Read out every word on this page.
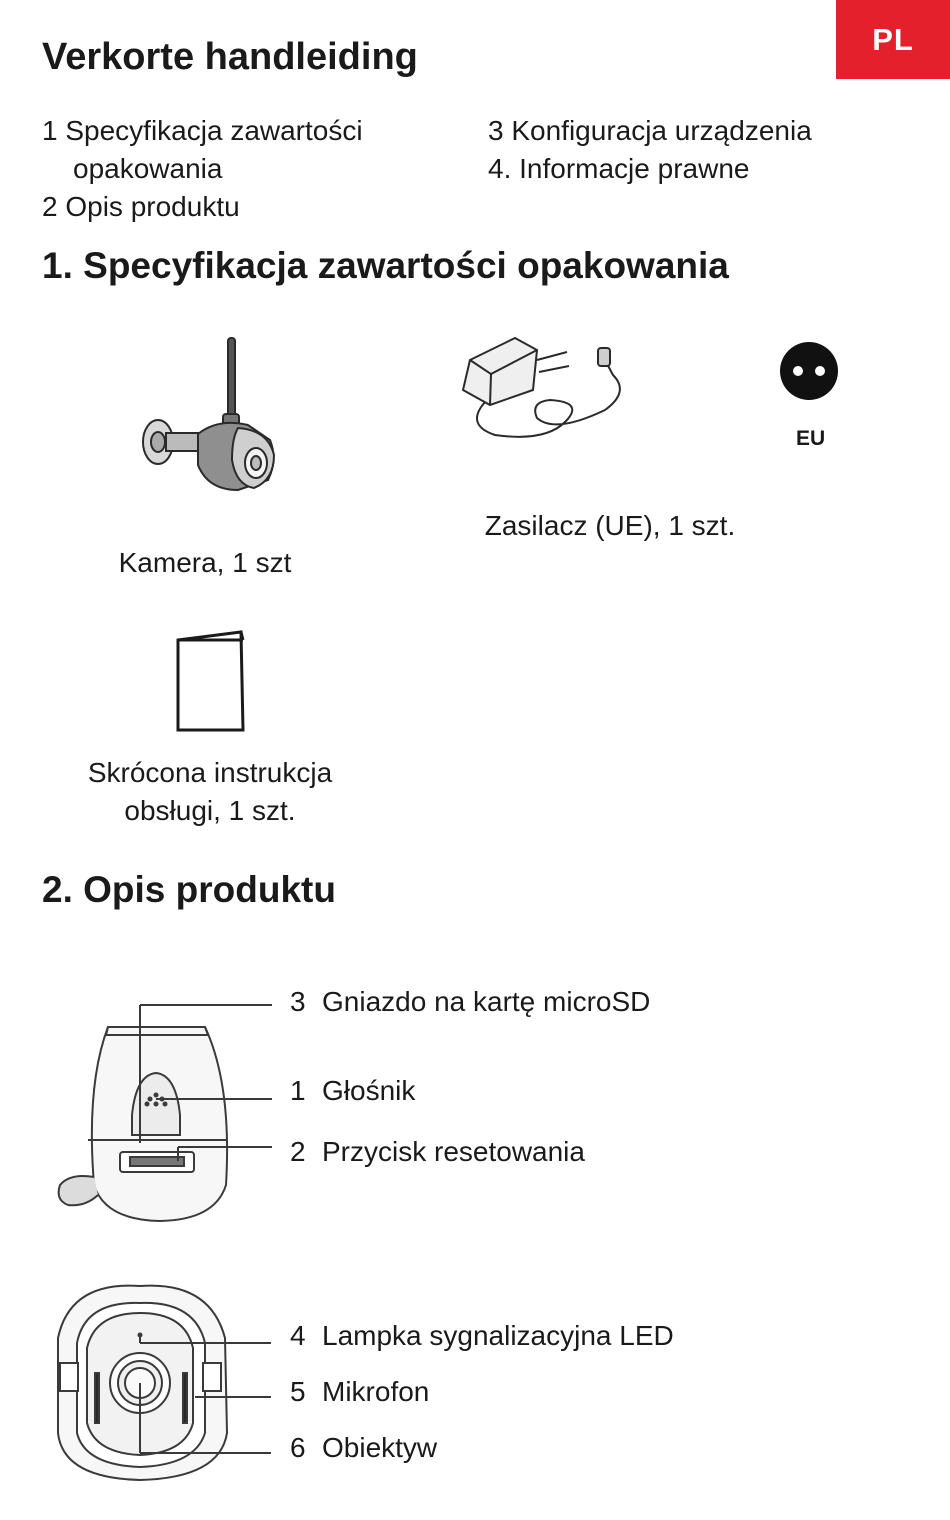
PL
Verkorte handleiding
1 Specyfikacja zawartości
opakowania
2 Opis produktu
3 Konfiguracja urządzenia
4. Informacje prawne
1. Specyfikacja zawartości opakowania
Kamera, 1 szt
Zasilacz (UE), 1 szt.
EU
Skrócona instrukcja
obsługi, 1 szt.
2. Opis produktu
3 Gniazdo na kartę microSD
1 Głośnik
2 Przycisk resetowania
4 Lampka sygnalizacyjna LED
5 Mikrofon
6 Obiektyw
